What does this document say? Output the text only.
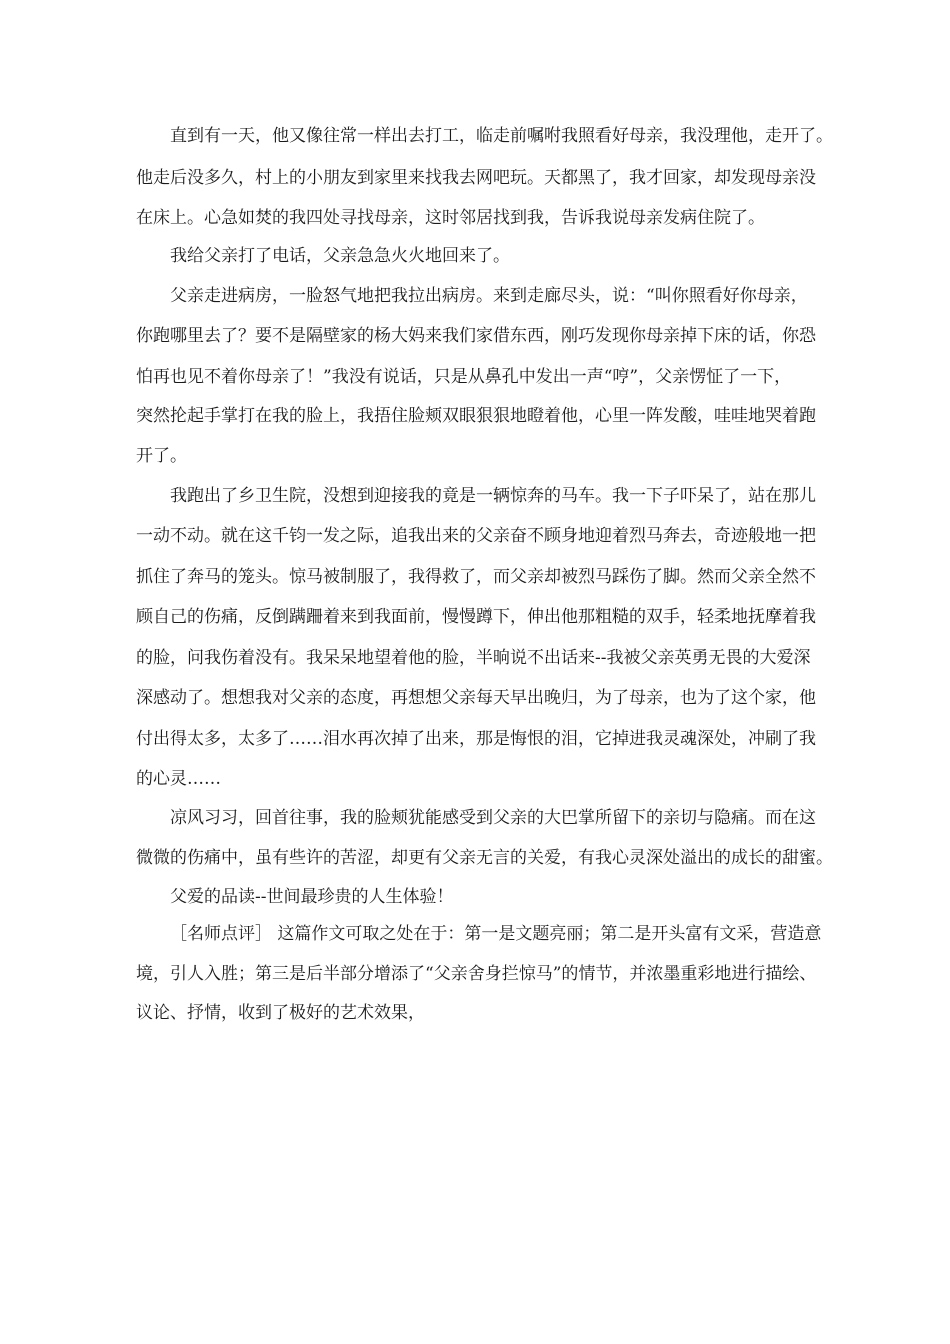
直到有一天，他又像往常一样出去打工，临走前嘱咐我照看好母亲，我没理他，走开了。
他走后没多久，村上的小朋友到家里来找我去网吧玩。天都黑了，我才回家，却发现母亲没
在床上。心急如焚的我四处寻找母亲，这时邻居找到我，告诉我说母亲发病住院了。
我给父亲打了电话，父亲急急火火地回来了。
父亲走进病房，一脸怒气地把我拉出病房。来到走廊尽头，说：“叫你照看好你母亲，
你跑哪里去了？要不是隔壁家的杨大妈来我们家借东西，刚巧发现你母亲掉下床的话，你恐
怕再也见不着你母亲了！”我没有说话，只是从鼻孔中发出一声“哼”，父亲愣怔了一下，
突然抡起手掌打在我的脸上，我捂住脸颊双眼狠狠地瞪着他，心里一阵发酸，哇哇地哭着跑
开了。
我跑出了乡卫生院，没想到迎接我的竟是一辆惊奔的马车。我一下子吓呆了，站在那儿
一动不动。就在这千钧一发之际，追我出来的父亲奋不顾身地迎着烈马奔去，奇迹般地一把
抓住了奔马的笼头。惊马被制服了，我得救了，而父亲却被烈马踩伤了脚。然而父亲全然不
顾自己的伤痛，反倒蹒跚着来到我面前，慢慢蹲下，伸出他那粗糙的双手，轻柔地抚摩着我
的脸，问我伤着没有。我呆呆地望着他的脸，半晌说不出话来--我被父亲英勇无畏的大爱深
深感动了。想想我对父亲的态度，再想想父亲每天早出晚归，为了母亲，也为了这个家，他
付出得太多，太多了……泪水再次掉了出来，那是悔恨的泪，它掉进我灵魂深处，冲刷了我
的心灵……
凉风习习，回首往事，我的脸颊犹能感受到父亲的大巴掌所留下的亲切与隐痛。而在这
微微的伤痛中，虽有些许的苦涩，却更有父亲无言的关爱，有我心灵深处溢出的成长的甜蜜。
父爱的品读--世间最珍贵的人生体验！
［名师点评］ 这篇作文可取之处在于：第一是文题亮丽；第二是开头富有文采，营造意
境，引人入胜；第三是后半部分增添了“父亲舍身拦惊马”的情节，并浓墨重彩地进行描绘、
议论、抒情，收到了极好的艺术效果，
